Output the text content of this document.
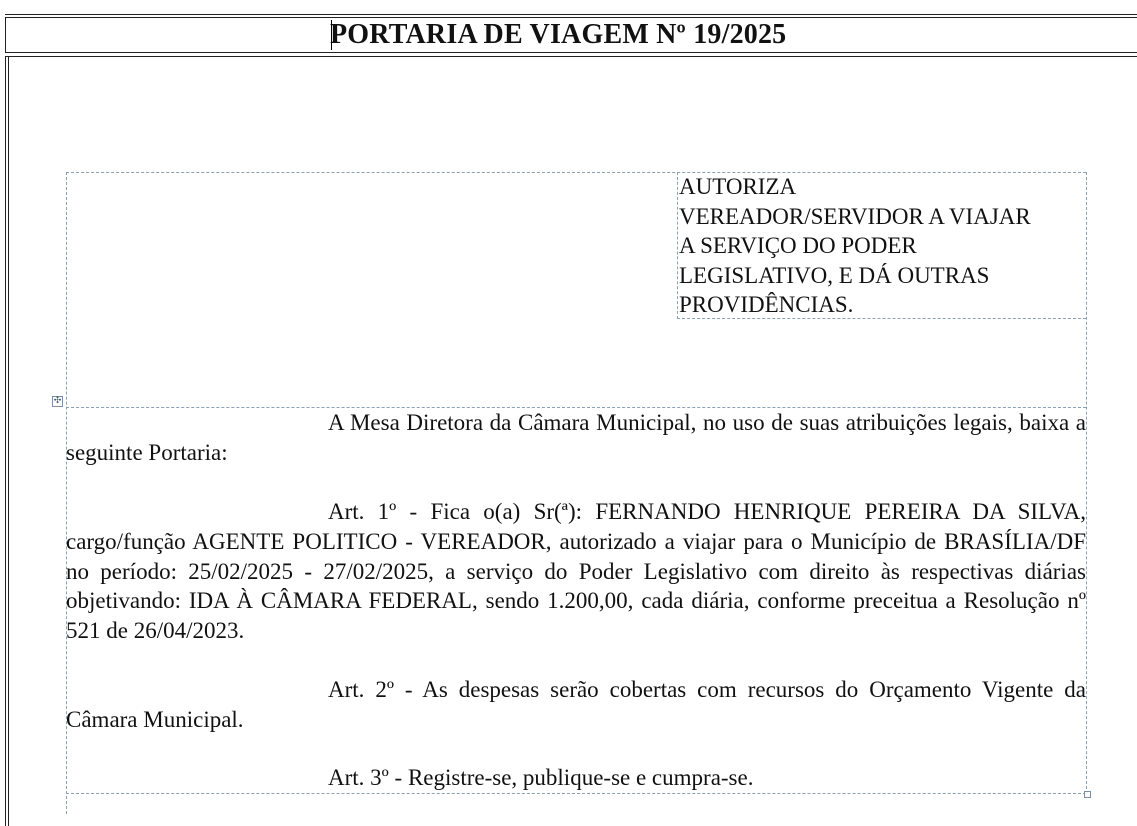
PORTARIA DE VIAGEM Nº 19/2025
✣
AUTORIZA
VEREADOR/SERVIDOR A VIAJAR
A SERVIÇO DO PODER
LEGISLATIVO, E DÁ OUTRAS
PROVIDÊNCIAS.

A Mesa Diretora da Câmara Municipal, no uso de suas atribuições legais, baixa a seguinte Portaria:

Art. 1º - Fica o(a) Sr(ª): FERNANDO HENRIQUE PEREIRA DA SILVA, cargo/função AGENTE POLITICO - VEREADOR, autorizado a viajar para o Município de BRASÍLIA/DF no período: 25/02/2025 - 27/02/2025, a serviço do Poder Legislativo com direito às respectivas diárias objetivando: IDA À CÂMARA FEDERAL, sendo 1.200,00, cada diária, conforme preceitua a Resolução nº 521 de 26/04/2023.

Art. 2º - As despesas serão cobertas com recursos do Orçamento Vigente da Câmara Municipal.

Art. 3º - Registre-se, publique-se e cumpra-se.
